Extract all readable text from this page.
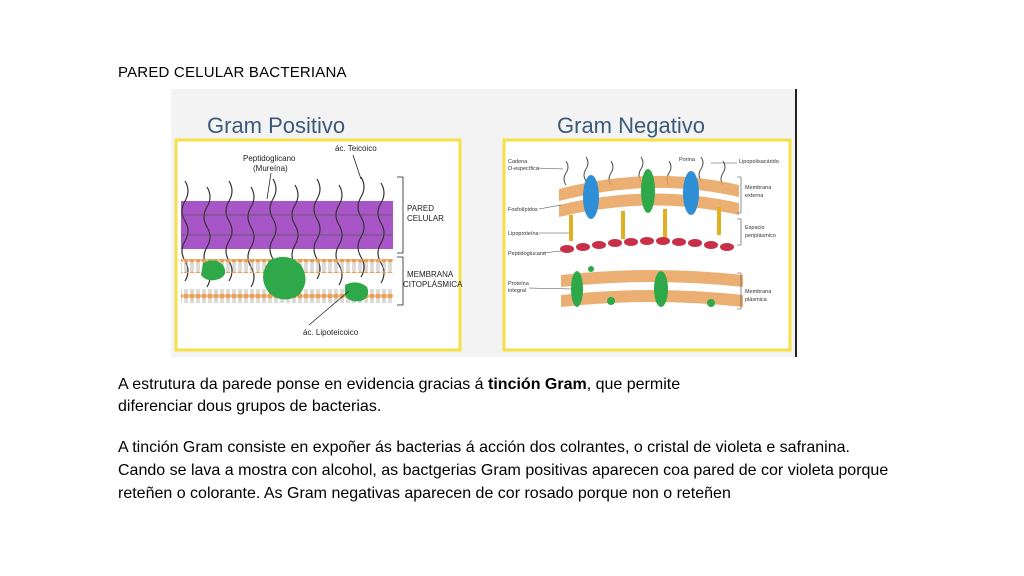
PARED CELULAR BACTERIANA
Gram Positivo
Peptidoglicano
(Mureína)
ác. Teicoico
PARED
CELULAR
MEMBRANA
CITOPLÁSMICA
ác. Lipoteicoico
Gram Negativo
Cadena
O-específica
Fosfolípidos
Lipoproteína
Peptidoglucano
Proteína
integral
Porina	Lipopolisacárido
Membrana
externa
Espacio
periplásmico
Membrana
plásmica
A estrutura da parede ponse en evidencia gracias á tinción Gram, que permite diferenciar dous grupos de bacterias.
A tinción Gram consiste en expoñer ás bacterias á acción dos colrantes, o cristal de violeta e safranina. Cando se lava a mostra con alcohol, as bactgerias Gram positivas aparecen coa pared de cor violeta porque reteñen o colorante. As Gram negativas aparecen de cor rosado porque non o reteñen
